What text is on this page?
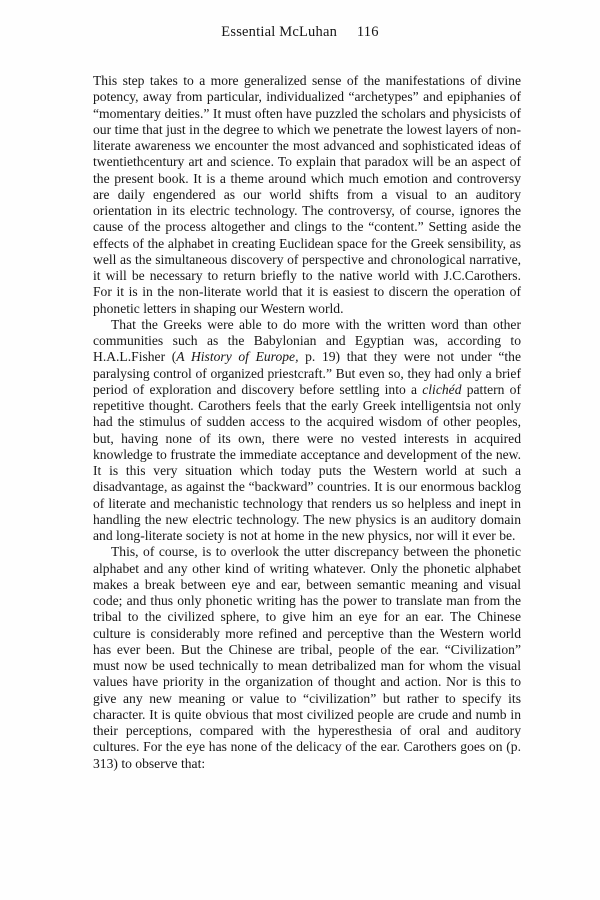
Essential McLuhan 116

This step takes to a more generalized sense of the manifestations of divine potency, away from particular, individualized “archetypes” and epiphanies of “momentary deities.” It must often have puzzled the scholars and physicists of our time that just in the degree to which we penetrate the lowest layers of non-literate awareness we encounter the most advanced and sophisticated ideas of twentiethcentury art and science. To explain that paradox will be an aspect of the present book. It is a theme around which much emotion and controversy are daily engendered as our world shifts from a visual to an auditory orientation in its electric technology. The controversy, of course, ignores the cause of the process altogether and clings to the “content.” Setting aside the effects of the alphabet in creating Euclidean space for the Greek sensibility, as well as the simultaneous discovery of perspective and chronological narrative, it will be necessary to return briefly to the native world with J.C.Carothers. For it is in the non-literate world that it is easiest to discern the operation of phonetic letters in shaping our Western world.

That the Greeks were able to do more with the written word than other communities such as the Babylonian and Egyptian was, according to H.A.L.Fisher (A History of Europe, p. 19) that they were not under “the paralysing control of organized priestcraft.” But even so, they had only a brief period of exploration and discovery before settling into a clichéd pattern of repetitive thought. Carothers feels that the early Greek intelligentsia not only had the stimulus of sudden access to the acquired wisdom of other peoples, but, having none of its own, there were no vested interests in acquired knowledge to frustrate the immediate acceptance and development of the new. It is this very situation which today puts the Western world at such a disadvantage, as against the “backward” countries. It is our enormous backlog of literate and mechanistic technology that renders us so helpless and inept in handling the new electric technology. The new physics is an auditory domain and long-literate society is not at home in the new physics, nor will it ever be.

This, of course, is to overlook the utter discrepancy between the phonetic alphabet and any other kind of writing whatever. Only the phonetic alphabet makes a break between eye and ear, between semantic meaning and visual code; and thus only phonetic writing has the power to translate man from the tribal to the civilized sphere, to give him an eye for an ear. The Chinese culture is considerably more refined and perceptive than the Western world has ever been. But the Chinese are tribal, people of the ear. “Civilization” must now be used technically to mean detribalized man for whom the visual values have priority in the organization of thought and action. Nor is this to give any new meaning or value to “civilization” but rather to specify its character. It is quite obvious that most civilized people are crude and numb in their perceptions, compared with the hyperesthesia of oral and auditory cultures. For the eye has none of the delicacy of the ear. Carothers goes on (p. 313) to observe that:
